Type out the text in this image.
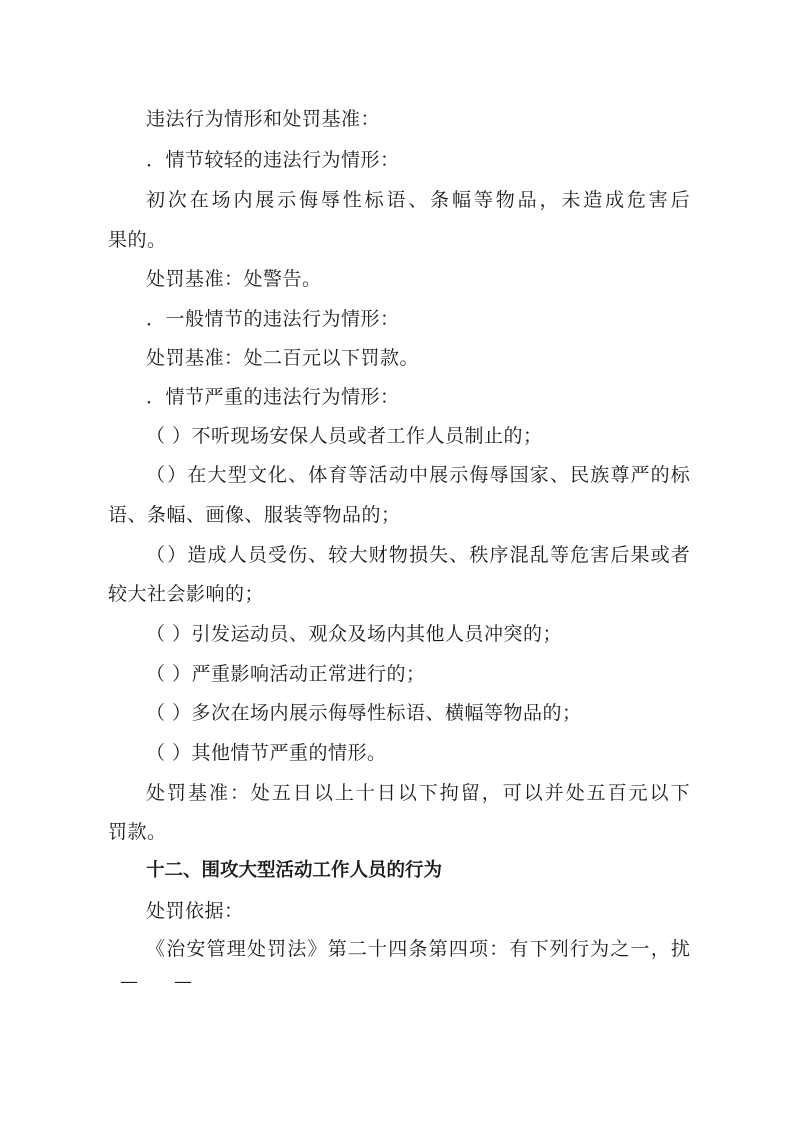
违法行为情形和处罚基准：
．情节较轻的违法行为情形：
初 次 在 场 内 展 示 侮 辱 性 标 语 、 条 幅 等 物 品 ， 未 造 成 危 害 后
果的。
处罚基准：处警告。
．一般情节的违法行为情形：
处罚基准：处二百元以下罚款。
．情节严重的违法行为情形：
（ ）不听现场安保人员或者工作人员制止的；
（ ） 在 大 型 文 化 、 体 育 等 活 动 中 展 示 侮 辱 国 家 、 民 族 尊 严 的 标
语、条幅、画像、服装等物品的；
（ ） 造 成 人 员 受 伤 、 较 大 财 物 损 失 、 秩 序 混 乱 等 危 害 后 果 或 者
较大社会影响的；
（ ）引发运动员、观众及场内其他人员冲突的；
（ ）严重影响活动正常进行的；
（ ）多次在场内展示侮辱性标语、横幅等物品的；
（ ）其他情节严重的情形。
处 罚 基 准 ： 处 五 日 以 上 十 日 以 下 拘 留 ， 可 以 并 处 五 百 元 以 下
罚款。
十二、围攻大型活动工作人员的行为
处罚依据：
《 治 安 管 理 处 罚 法 》 第 二 十 四 条 第 四 项 ： 有 下 列 行 为 之 一 ， 扰
—　　—
